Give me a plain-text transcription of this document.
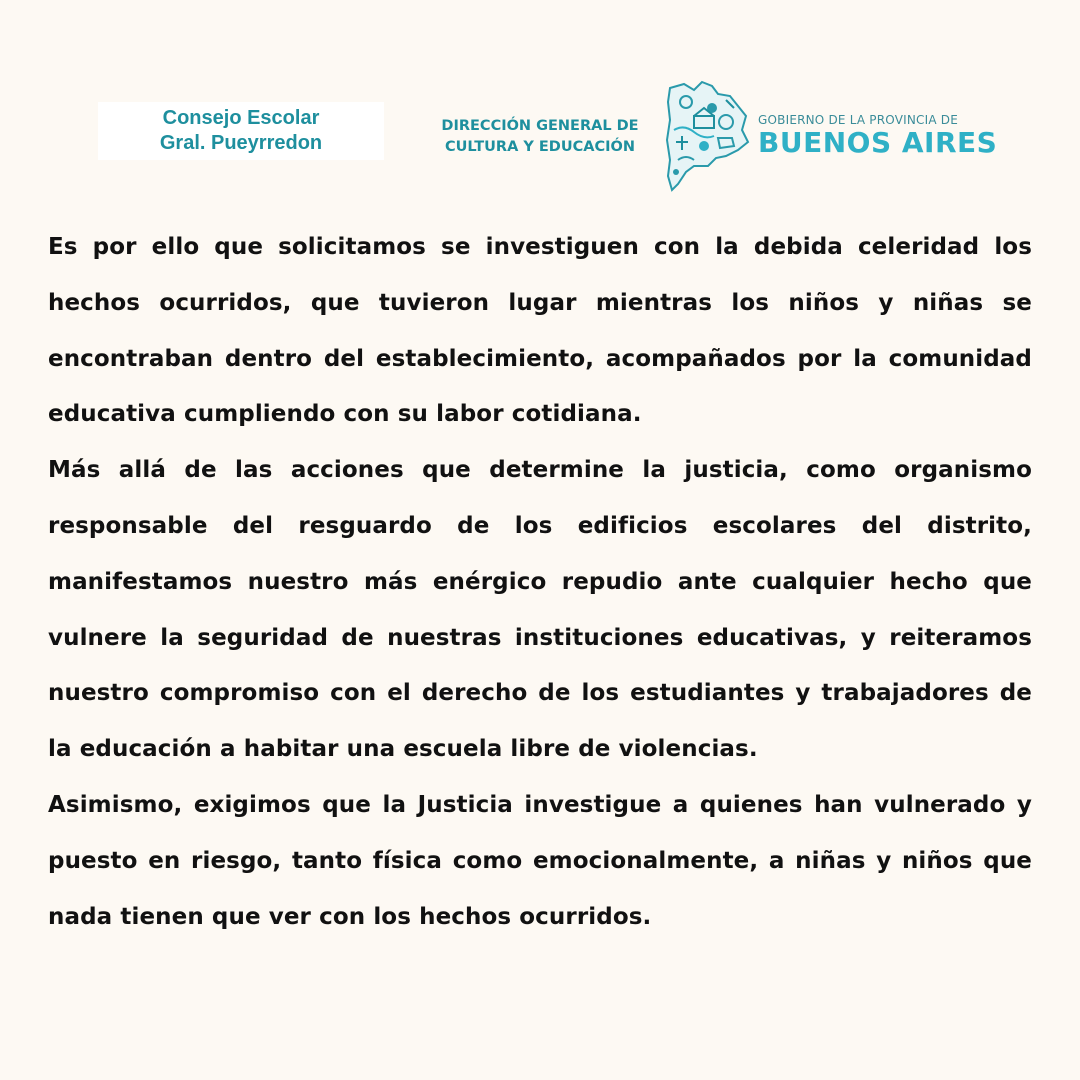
Consejo Escolar
Gral. Pueyrredon
DIRECCIÓN GENERAL DE
CULTURA Y EDUCACIÓN
GOBIERNO DE LA PROVINCIA DE
BUENOS AIRES

Es por ello que solicitamos se investiguen con la debida celeridad los hechos ocurridos, que tuvieron lugar mientras los niños y niñas se encontraban dentro del establecimiento, acompañados por la comunidad educativa cumpliendo con su labor cotidiana.

Más allá de las acciones que determine la justicia, como organismo responsable del resguardo de los edificios escolares del distrito, manifestamos nuestro más enérgico repudio ante cualquier hecho que vulnere la seguridad de nuestras instituciones educativas, y reiteramos nuestro compromiso con el derecho de los estudiantes y trabajadores de la educación a habitar una escuela libre de violencias.

Asimismo, exigimos que la Justicia investigue a quienes han vulnerado y puesto en riesgo, tanto física como emocionalmente, a niñas y niños que nada tienen que ver con los hechos ocurridos.
